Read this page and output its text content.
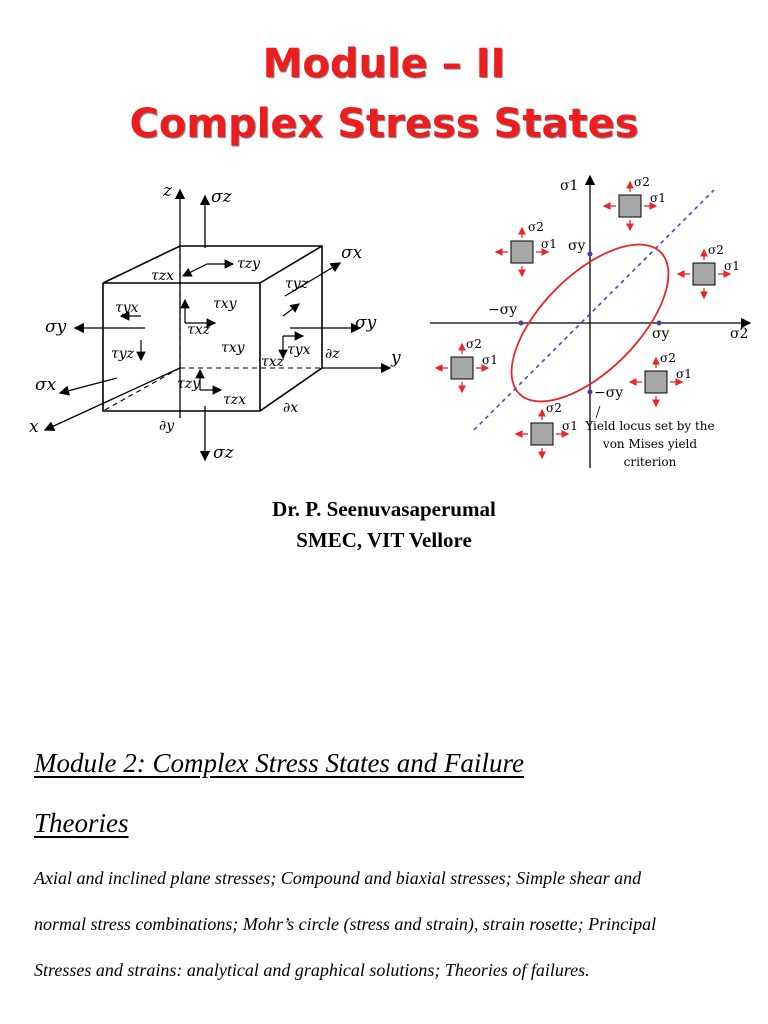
Module – II
Complex Stress States
z
y
x
σz
σz
σx
σx
σy	σy
τzx
τzy
τyx
τyz
τxy
τxz
τxy
τyz
τyx
τxz
τzy
τzx
∂z
∂x
∂y
σ1
σ2
σy
σy
−σy
−σy
σ2
σ1
σ2
σ1	σ2
σ1
σ2
σ1	σ2
σ1
σ2
σ1 Yield locus set by the
von Mises yield
criterion
Dr. P. Seenuvasaperumal
SMEC, VIT Vellore
Module 2: Complex Stress States and Failure
Theories

Axial and inclined plane stresses; Compound and biaxial stresses; Simple shear and

normal stress combinations; Mohr’s circle (stress and strain), strain rosette; Principal

Stresses and strains: analytical and graphical solutions; Theories of failures.
